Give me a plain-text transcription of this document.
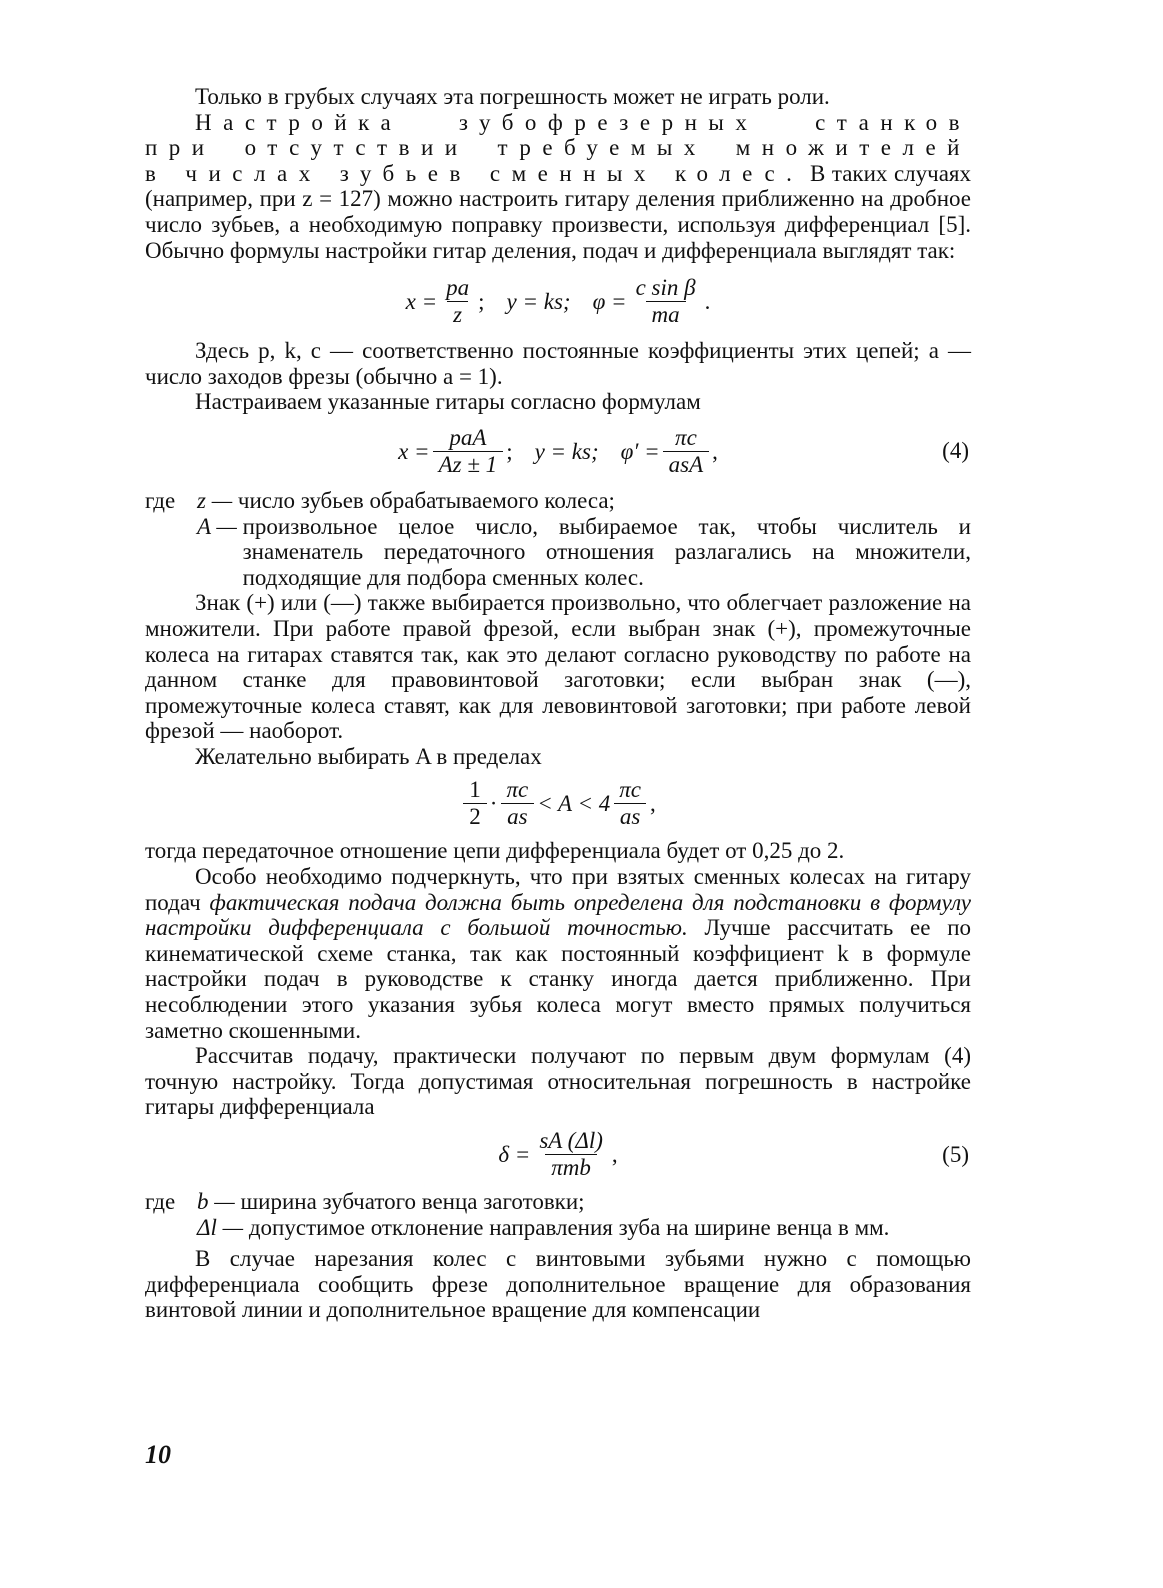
Только в грубых случаях эта погрешность может не играть роли.

Настройка зубофрезерных станков при отсутствии требуемых множителей в числах зубьев сменных колес. В таких случаях (например, при z = 127) можно настроить гитару деления приближенно на дробное число зубьев, а необходимую поправку произвести, используя дифференциал [5]. Обычно формулы настройки гитар деления, подач и дифференциала выглядят так:

$x = \frac{pa}{z}$ ; y = ks; $\varphi = \frac{\text{c sin β}}{ma}$ .

Здесь p, k, c — соответственно постоянные коэффициенты этих цепей; a — число заходов фрезы (обычно a = 1).

Настраиваем указанные гитары согласно формулам

$x = \frac{\text{paA}}{Az \pm 1}$ ; y = ks; $\varphi' = \frac{\pi c}{\text{asA}}$ ,	(4)
где z — число зубьев обрабатываемого колеса;
A — произвольное целое число, выбираемое так, чтобы числитель и знаменатель передаточного отношения разлагались на множители, подходящие для подбора сменных колес.

Знак (+) или (—) также выбирается произвольно, что облегчает разложение на множители. При работе правой фрезой, если выбран знак (+), промежуточные колеса на гитарах ставятся так, как это делают согласно руководству по работе на данном станке для правовинтовой заготовки; если выбран знак (—), промежуточные колеса ставят, как для левовинтовой заготовки; при работе левой фрезой — наоборот.

Желательно выбирать A в пределах

$\frac{1}{2} \cdot \frac{\pi c}{as} < A < 4 \frac{\pi c}{as}$ ,

тогда передаточное отношение цепи дифференциала будет от 0,25 до 2.

Особо необходимо подчеркнуть, что при взятых сменных колесах на гитару подач фактическая подача должна быть определена для подстановки в формулу настройки дифференциала с большой точностью. Лучше рассчитать ее по кинематической схеме станка, так как постоянный коэффициент k в формуле настройки подач в руководстве к станку иногда дается приближенно. При несоблюдении этого указания зубья колеса могут вместо прямых получиться заметно скошенными.

Рассчитав подачу, практически получают по первым двум формулам (4) точную настройку. Тогда допустимая относительная погрешность в настройке гитары дифференциала

$\delta = \frac{sA (\Delta l)}{\text{πmb}}$ ,	(5)
где b — ширина зубчатого венца заготовки;
Δl — допустимое отклонение направления зуба на ширине венца в мм.

В случае нарезания колес с винтовыми зубьями нужно с помощью дифференциала сообщить фрезе дополнительное вращение для образования винтовой линии и дополнительное вращение для компенсации

10
